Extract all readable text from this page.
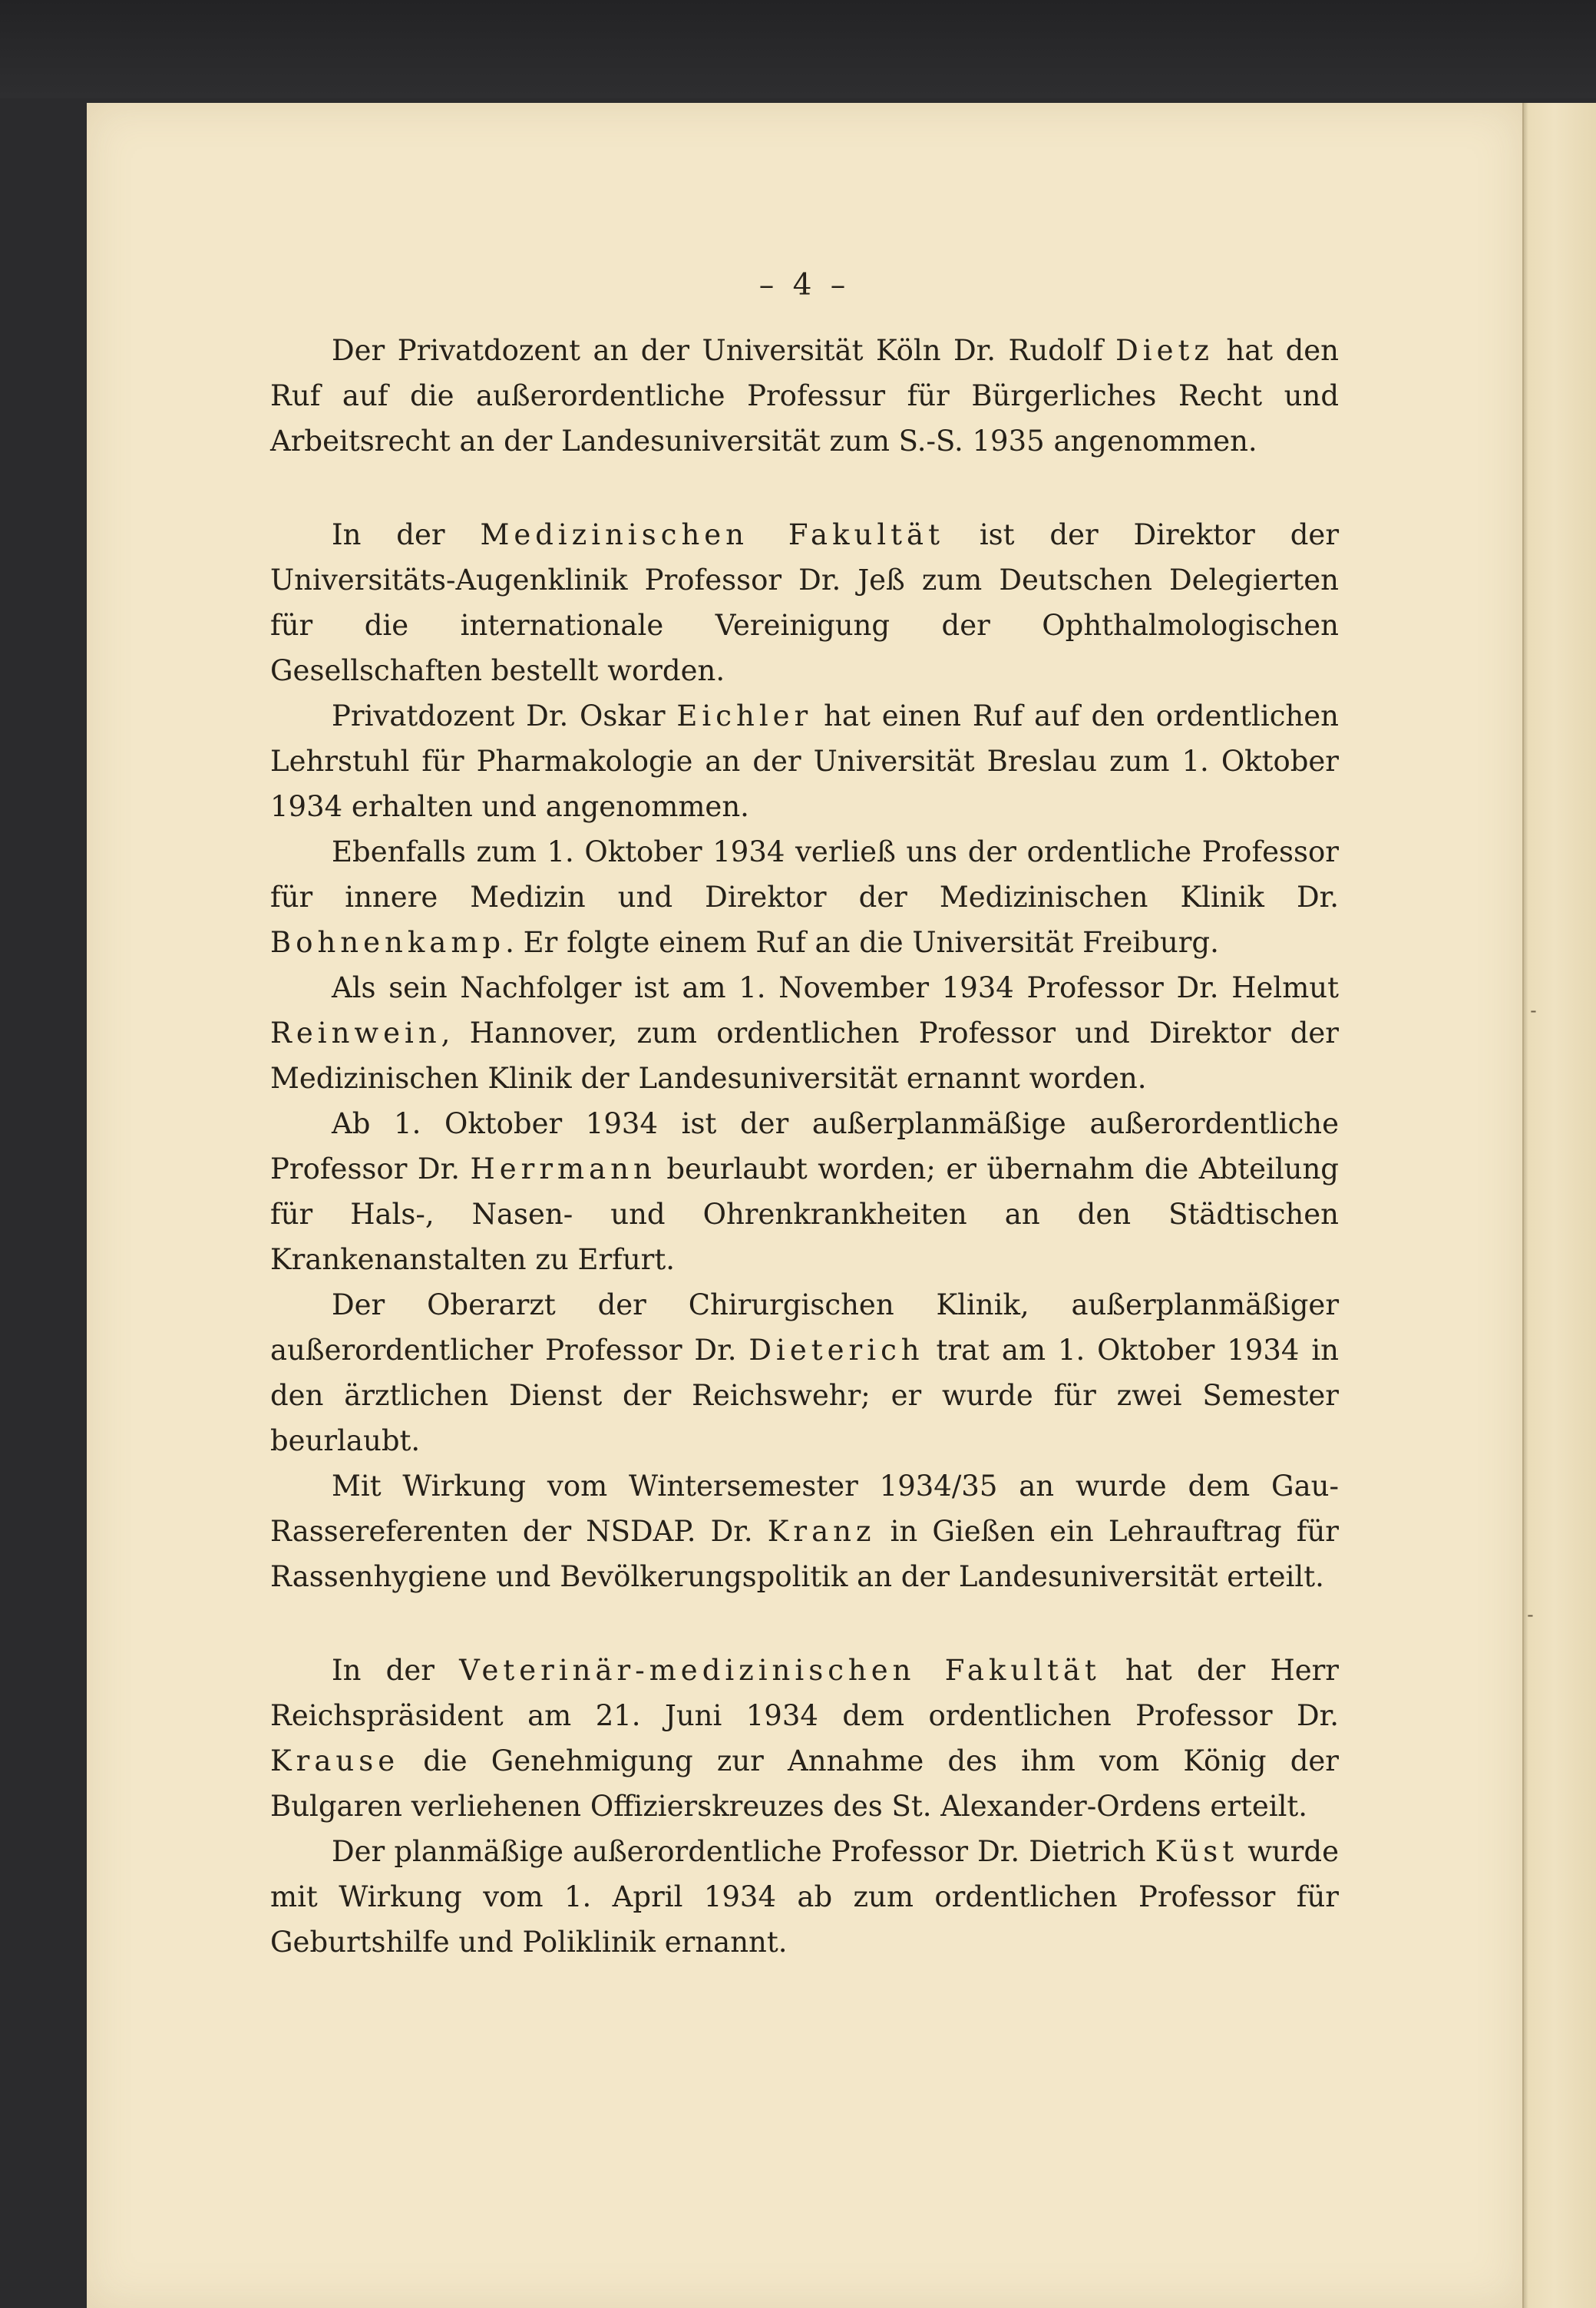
˗
˗
– 4 –

Der Privatdozent an der Universität Köln Dr. Rudolf Dietz hat den Ruf auf die außerordentliche Professur für Bürgerliches Recht und Arbeitsrecht an der Landesuniversität zum S.-S. 1935 angenommen.

In der Medizinischen Fakultät ist der Direktor der Universitäts-Augenklinik Professor Dr. Jeß zum Deutschen Delegierten für die internationale Vereinigung der Ophthalmologischen Gesellschaften bestellt worden.

Privatdozent Dr. Oskar Eichler hat einen Ruf auf den ordentlichen Lehrstuhl für Pharmakologie an der Universität Breslau zum 1. Oktober 1934 erhalten und angenommen.

Ebenfalls zum 1. Oktober 1934 verließ uns der ordentliche Professor für innere Medizin und Direktor der Medizinischen Klinik Dr. Bohnenkamp. Er folgte einem Ruf an die Universität Freiburg.

Als sein Nachfolger ist am 1. November 1934 Professor Dr. Helmut Reinwein, Hannover, zum ordentlichen Professor und Direktor der Medizinischen Klinik der Landesuniversität ernannt worden.

Ab 1. Oktober 1934 ist der außerplanmäßige außerordentliche Professor Dr. Herrmann beurlaubt worden; er übernahm die Abteilung für Hals-, Nasen- und Ohrenkrankheiten an den Städtischen Krankenanstalten zu Erfurt.

Der Oberarzt der Chirurgischen Klinik, außerplanmäßiger außerordentlicher Professor Dr. Dieterich trat am 1. Oktober 1934 in den ärztlichen Dienst der Reichswehr; er wurde für zwei Semester beurlaubt.

Mit Wirkung vom Wintersemester 1934/35 an wurde dem Gau-Rassereferenten der NSDAP. Dr. Kranz in Gießen ein Lehrauftrag für Rassenhygiene und Bevölkerungspolitik an der Landesuniversität erteilt.

In der Veterinär-medizinischen Fakultät hat der Herr Reichspräsident am 21. Juni 1934 dem ordentlichen Professor Dr. Krause die Genehmigung zur Annahme des ihm vom König der Bulgaren verliehenen Offizierskreuzes des St. Alexander-Ordens erteilt.

Der planmäßige außerordentliche Professor Dr. Dietrich Küst wurde mit Wirkung vom 1. April 1934 ab zum ordentlichen Professor für Geburtshilfe und Poliklinik ernannt.
